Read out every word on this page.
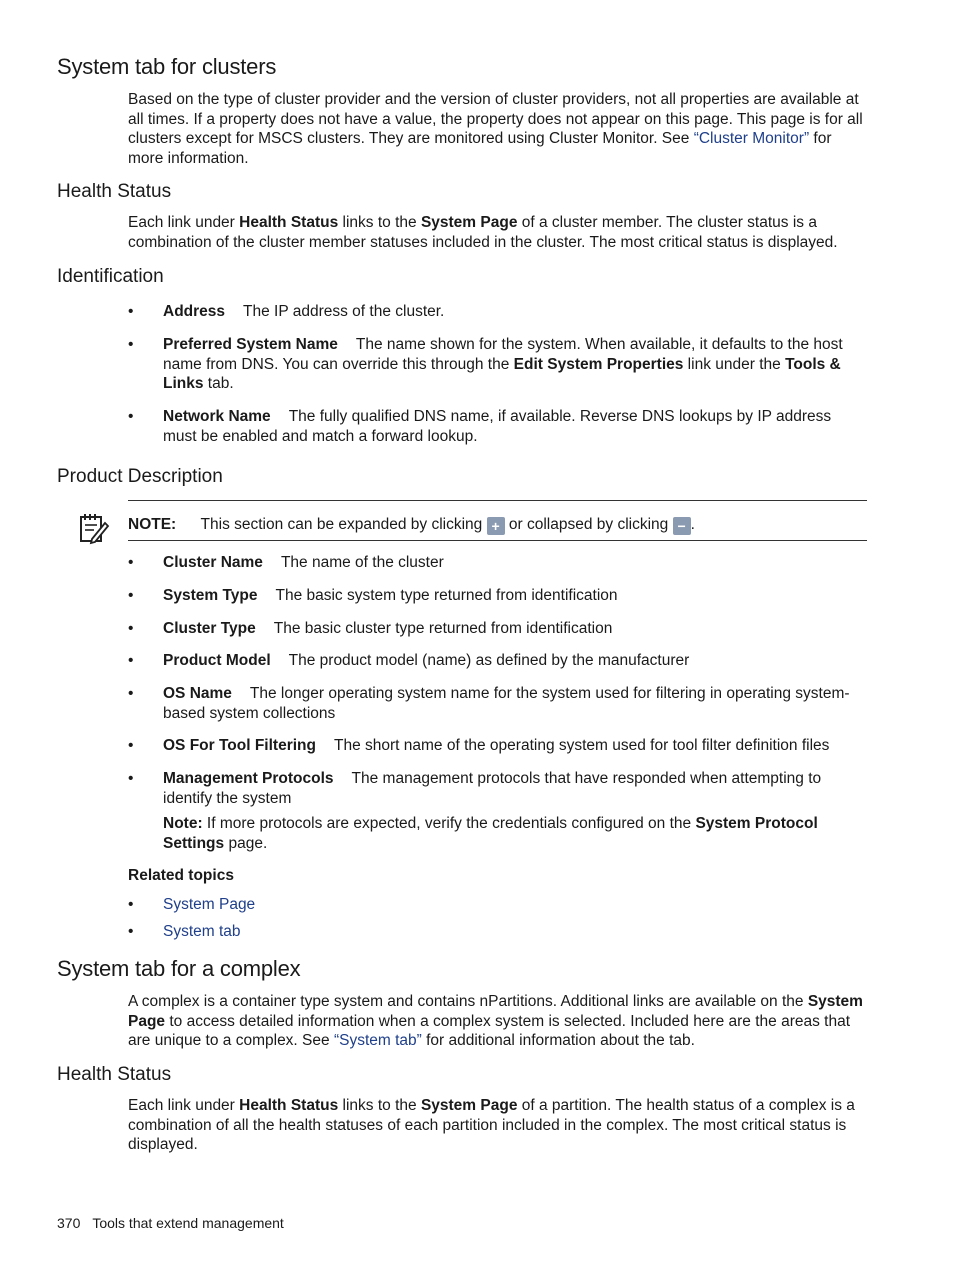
System tab for clusters

Based on the type of cluster provider and the version of cluster providers, not all properties are available at all times. If a property does not have a value, the property does not appear on this page. This page is for all clusters except for MSCS clusters. They are monitored using Cluster Monitor. See “Cluster Monitor” for more information.

Health Status

Each link under Health Status links to the System Page of a cluster member. The cluster status is a combination of the cluster member statuses included in the cluster. The most critical status is displayed.

Identification
• Address The IP address of the cluster.
• Preferred System Name The name shown for the system. When available, it defaults to the host name from DNS. You can override this through the Edit System Properties link under the Tools & Links tab.
• Network Name The fully qualified DNS name, if available. Reverse DNS lookups by IP address must be enabled and match a forward lookup.
Product Description
NOTE: This section can be expanded by clicking + or collapsed by clicking − .
• Cluster Name The name of the cluster
• System Type The basic system type returned from identification
• Cluster Type The basic cluster type returned from identification
• Product Model The product model (name) as defined by the manufacturer
• OS Name The longer operating system name for the system used for filtering in operating system-based system collections
• OS For Tool Filtering The short name of the operating system used for tool filter definition files
• Management Protocols The management protocols that have responded when attempting to identify the system

Note: If more protocols are expected, verify the credentials configured on the System Protocol Settings page.

Related topics
• System Page
• System tab
System tab for a complex

A complex is a container type system and contains nPartitions. Additional links are available on the System Page to access detailed information when a complex system is selected. Included here are the areas that are unique to a complex. See “System tab” for additional information about the tab.

Health Status

Each link under Health Status links to the System Page of a partition. The health status of a complex is a combination of all the health statuses of each partition included in the complex. The most critical status is displayed.

370 Tools that extend management
